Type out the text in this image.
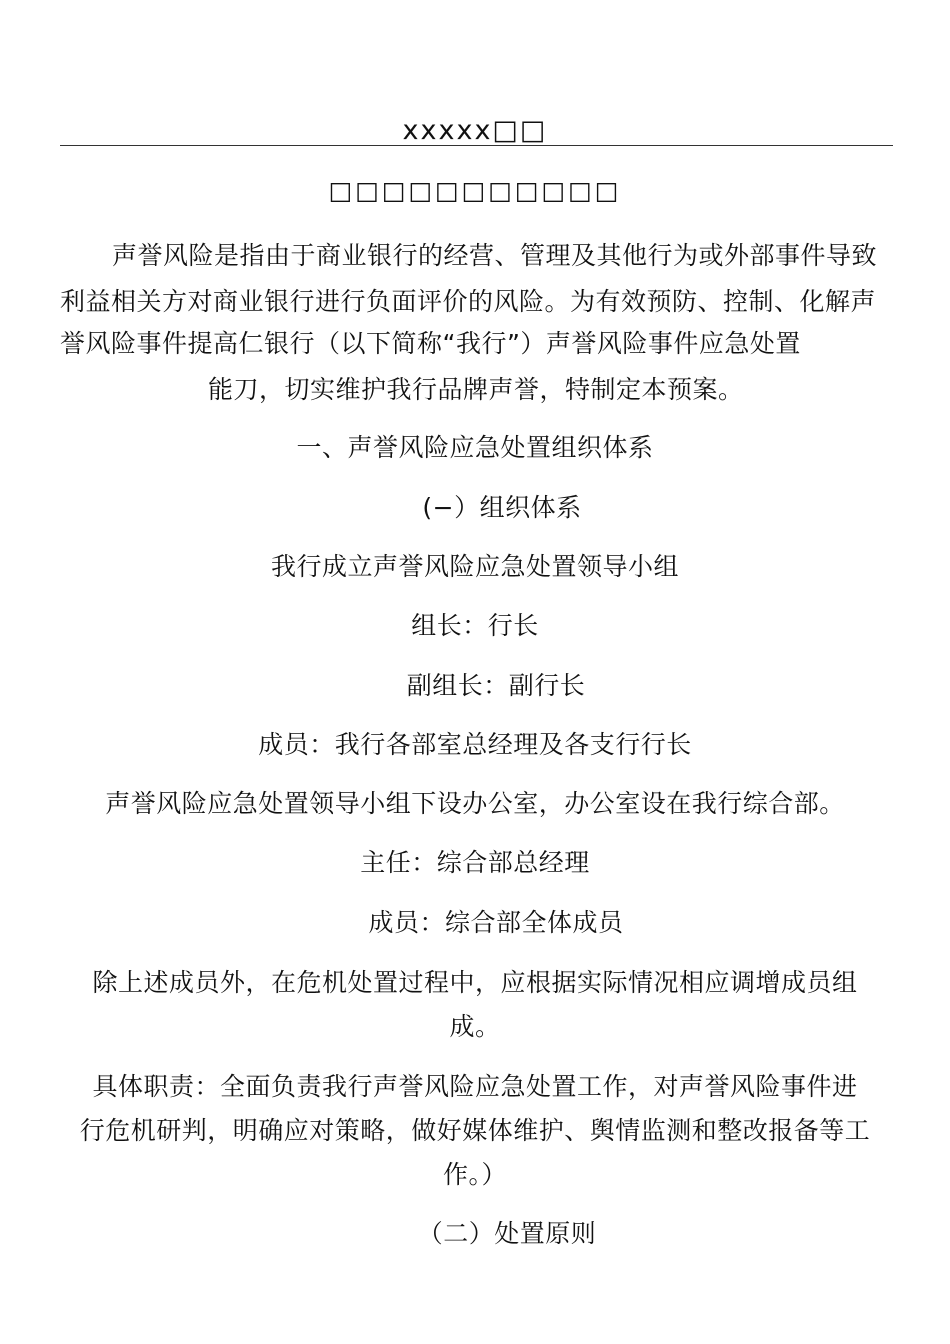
xxxxx□□
□□□□□□□□□□□
声誉风险是指由于商业银行的经营、管理及其他行为或外部事件导致
利益相关方对商业银行进行负面评价的风险。为有效预防、控制、化解声
誉风险事件提高仁银行（以下简称“我行”）声誉风险事件应急处置
能刀，切实维护我行品牌声誉，特制定本预案。
一、声誉风险应急处置组织体系
(−）组织体系
我行成立声誉风险应急处置领导小组
组长：行长
副组长：副行长
成员：我行各部室总经理及各支行行长
声誉风险应急处置领导小组下设办公室，办公室设在我行综合部。
主任：综合部总经理
成员：综合部全体成员
除上述成员外，在危机处置过程中，应根据实际情况相应调增成员组
成。
具体职责：全面负责我行声誉风险应急处置工作，对声誉风险事件进
行危机研判，明确应对策略，做好媒体维护、舆情监测和整改报备等工
作。）
（二）处置原则
